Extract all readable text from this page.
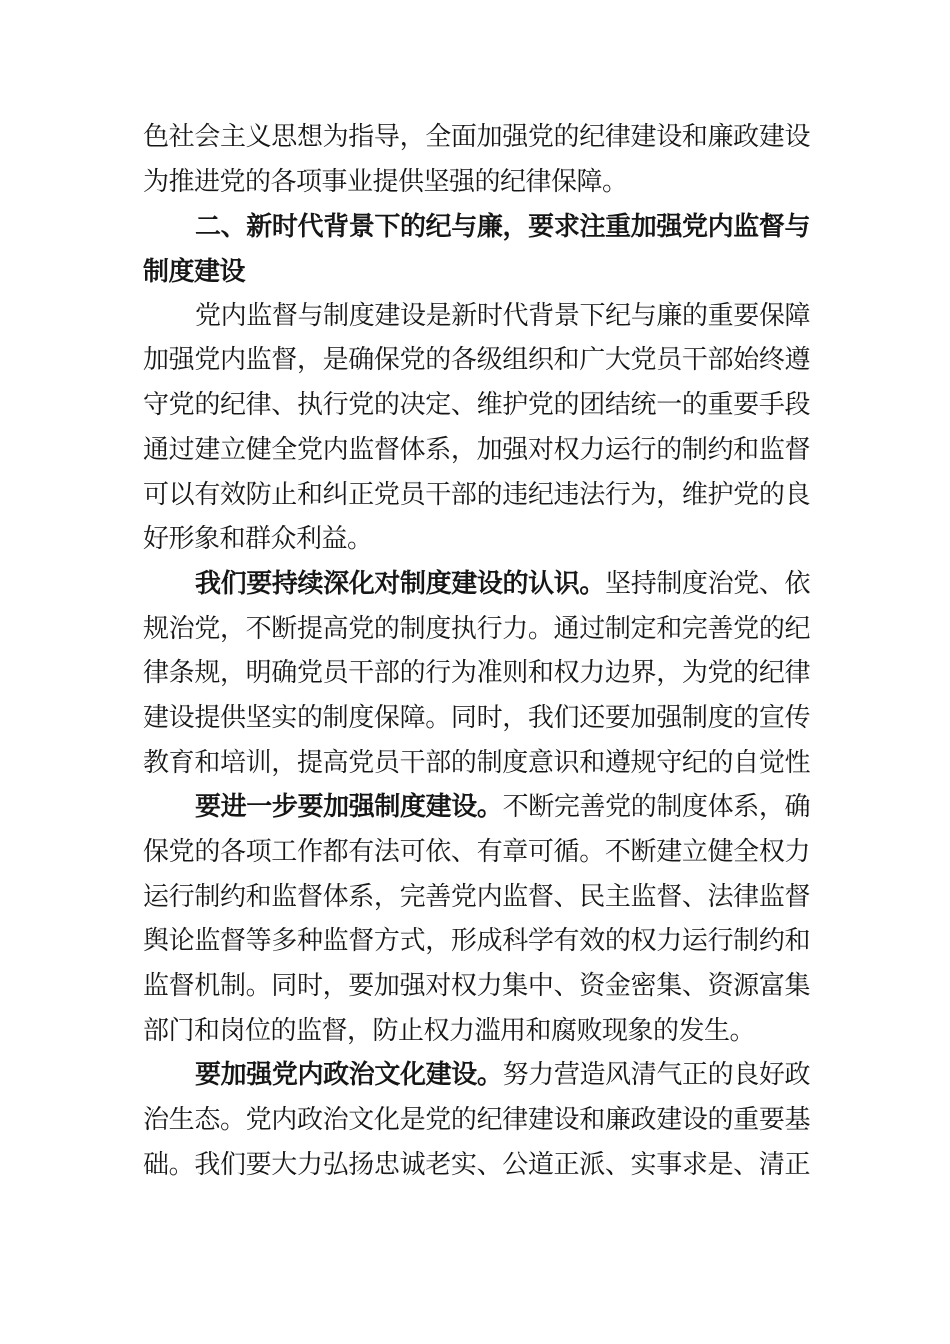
色社会主义思想为指导，全面加强党的纪律建设和廉政建设
为推进党的各项事业提供坚强的纪律保障。
二、新时代背景下的纪与廉，要求注重加强党内监督与
制度建设
党内监督与制度建设是新时代背景下纪与廉的重要保障
加强党内监督，是确保党的各级组织和广大党员干部始终遵
守党的纪律、执行党的决定、维护党的团结统一的重要手段
通过建立健全党内监督体系，加强对权力运行的制约和监督
可以有效防止和纠正党员干部的违纪违法行为，维护党的良
好形象和群众利益。
我们要持续深化对制度建设的认识。坚持制度治党、依
规治党，不断提高党的制度执行力。通过制定和完善党的纪
律条规，明确党员干部的行为准则和权力边界，为党的纪律
建设提供坚实的制度保障。同时，我们还要加强制度的宣传
教育和培训，提高党员干部的制度意识和遵规守纪的自觉性
要进一步要加强制度建设。不断完善党的制度体系，确
保党的各项工作都有法可依、有章可循。不断建立健全权力
运行制约和监督体系，完善党内监督、民主监督、法律监督
舆论监督等多种监督方式，形成科学有效的权力运行制约和
监督机制。同时，要加强对权力集中、资金密集、资源富集
部门和岗位的监督，防止权力滥用和腐败现象的发生。
要加强党内政治文化建设。努力营造风清气正的良好政
治生态。党内政治文化是党的纪律建设和廉政建设的重要基
础。我们要大力弘扬忠诚老实、公道正派、实事求是、清正
